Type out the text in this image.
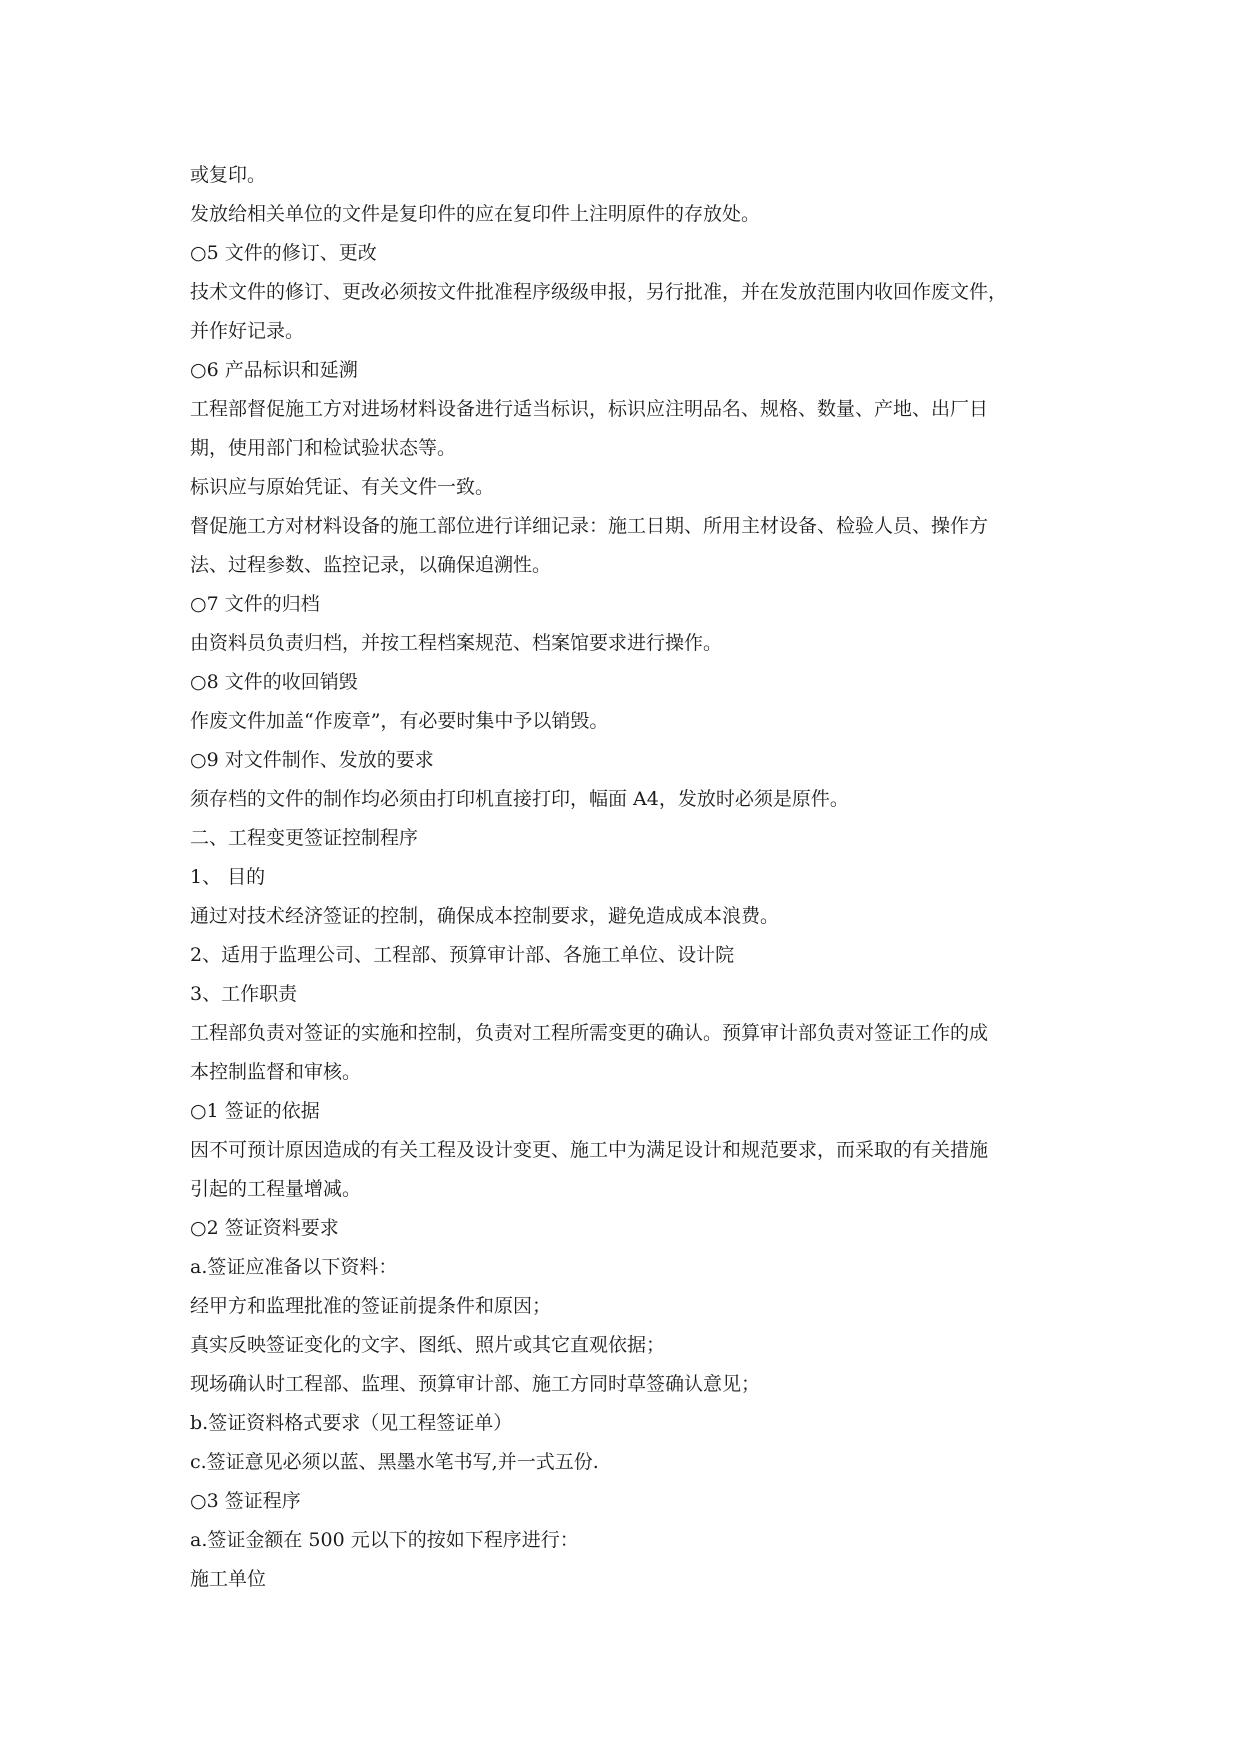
或复印。
发放给相关单位的文件是复印件的应在复印件上注明原件的存放处。
○5 文件的修订、更改
技术文件的修订、更改必须按文件批准程序级级申报，另行批准，并在发放范围内收回作废文件，
并作好记录。
○6 产品标识和延溯
工程部督促施工方对进场材料设备进行适当标识，标识应注明品名、规格、数量、产地、出厂日
期，使用部门和检试验状态等。
标识应与原始凭证、有关文件一致。
督促施工方对材料设备的施工部位进行详细记录：施工日期、所用主材设备、检验人员、操作方
法、过程参数、监控记录，以确保追溯性。
○7 文件的归档
由资料员负责归档，并按工程档案规范、档案馆要求进行操作。
○8 文件的收回销毁
作废文件加盖“作废章”，有必要时集中予以销毁。
○9 对文件制作、发放的要求
须存档的文件的制作均必须由打印机直接打印，幅面 A4，发放时必须是原件。
二、工程变更签证控制程序
1、 目的
通过对技术经济签证的控制，确保成本控制要求，避免造成成本浪费。
2、适用于监理公司、工程部、预算审计部、各施工单位、设计院
3、工作职责
工程部负责对签证的实施和控制，负责对工程所需变更的确认。预算审计部负责对签证工作的成
本控制监督和审核。
○1 签证的依据
因不可预计原因造成的有关工程及设计变更、施工中为满足设计和规范要求，而采取的有关措施
引起的工程量增减。
○2 签证资料要求
a.签证应准备以下资料：
经甲方和监理批准的签证前提条件和原因；
真实反映签证变化的文字、图纸、照片或其它直观依据；
现场确认时工程部、监理、预算审计部、施工方同时草签确认意见；
b.签证资料格式要求（见工程签证单）
c.签证意见必须以蓝、黑墨水笔书写,并一式五份.
○3 签证程序
a.签证金额在 500 元以下的按如下程序进行：
施工单位
